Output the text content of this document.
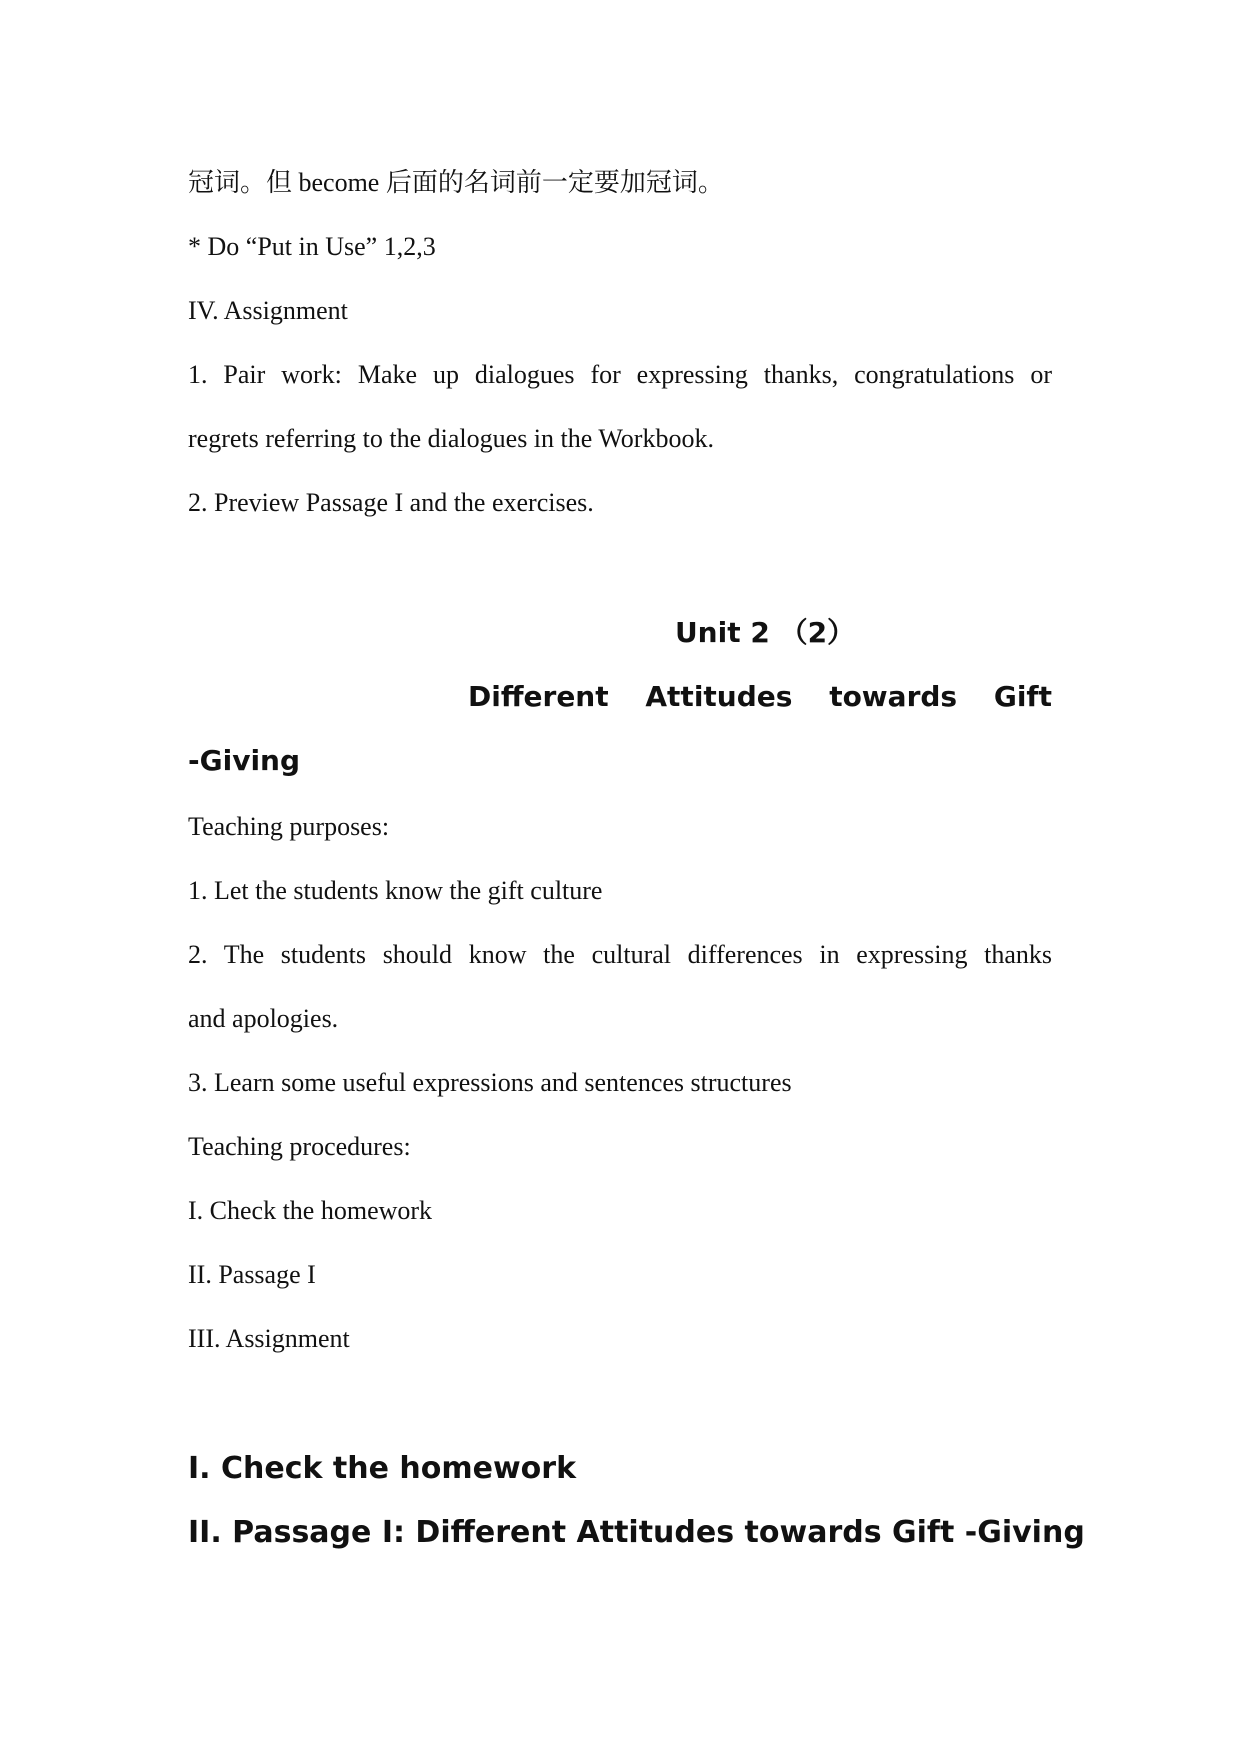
冠词。但 become 后面的名词前一定要加冠词。
* Do “Put in Use” 1,2,3
IV. Assignment
1. Pair work: Make up dialogues for expressing thanks, congratulations or
regrets referring to the dialogues in the Workbook.
2. Preview Passage I and the exercises.
Unit 2 （2）
Different Attitudes towards Gift
-Giving
Teaching purposes:
1. Let the students know the gift culture
2. The students should know the cultural differences in expressing thanks
and apologies.
3. Learn some useful expressions and sentences structures
Teaching procedures:
I. Check the homework
II. Passage I
III. Assignment
I. Check the homework
II. Passage I: Different Attitudes towards Gift -Giving
